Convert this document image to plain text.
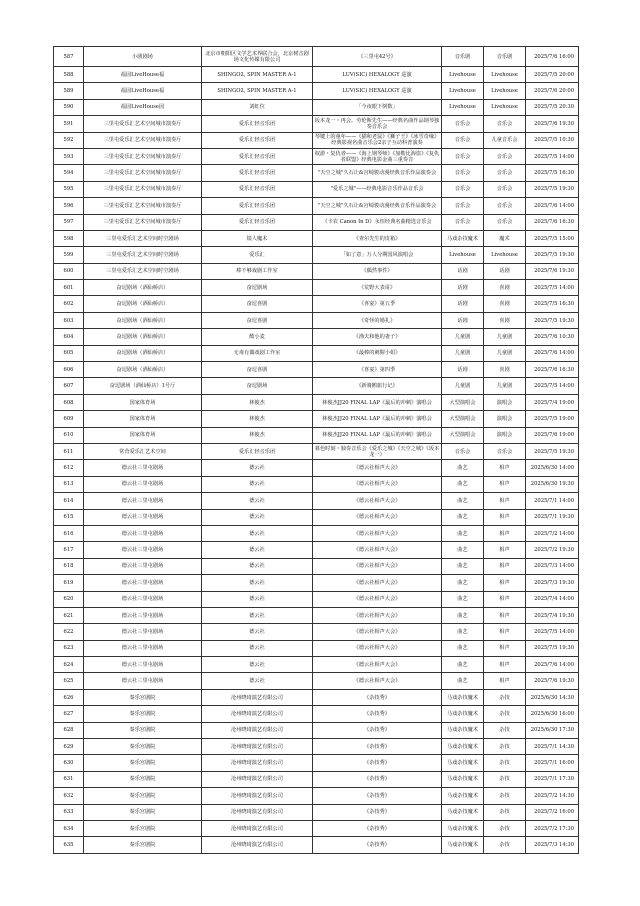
587	小剧剧场	北京市朝阳区文学艺术界联合会，北京树音剧场文化传媒有限公司	《三里屯42号》	音乐剧	音乐剧	2025/7/6 16:00
588	福园LiveHouse福	SHINGO2, SPIN MASTER A-1	LUV(SIC) HEXALOGY 巡演	Livehouse	Livehouse	2025/7/5 20:00
589	福园LiveHouse福	SHINGO2, SPIN MASTER A-1	LUV(SIC) HEXALOGY 巡演	Livehouse	Livehouse	2025/7/6 20:00
590	福园LiveHouse园	刘虹位	「今夜眼下倒数」	Livehouse	Livehouse	2025/7/5 20:30
591	三里屯爱乐汇艺术空间城市演奏厅	爱乐汇轻音乐团	坂本龙一・再会。劳伦斯先生——经典名曲作品钢琴独奏音乐会	音乐会	音乐会	2025/7/6 19:30
592	三里屯爱乐汇艺术空间城市演奏厅	爱乐汇轻音乐团	琴键上的童年——《猫和老鼠》《狮子王》《冰雪奇缘》经典影视名曲音乐会2亲子互动科普演奏	音乐会	儿童音乐会	2025/7/5 10:30
593	三里屯爱乐汇艺术空间城市演奏厅	爱乐汇轻音乐团	权游・复仇者——《海上钢琴师》《加勒比海盗》《复仇者联盟》经典电影金曲三重奏音	音乐会	音乐会	2025/7/5 14:00
594	三里屯爱乐汇艺术空间城市演奏厅	爱乐汇轻音乐团	"天空之城"久石让&宫崎骏动漫经典音乐作品演奏会	音乐会	音乐会	2025/7/5 16:30
595	三里屯爱乐汇艺术空间城市演奏厅	爱乐汇轻音乐团	"爱乐之城"——经典电影音乐作品音乐会	音乐会	音乐会	2025/7/5 19:30
596	三里屯爱乐汇艺术空间城市演奏厅	爱乐汇轻音乐团	"天空之城"久石让&宫崎骏动漫经典音乐作品演奏会	音乐会	音乐会	2025/7/6 14:00
597	三里屯爱乐汇艺术空间城市演奏厅	爱乐汇轻音乐团	《卡农 Canon In D》永恒经典名曲精选音乐会	音乐会	音乐会	2025/7/6 16:30
598	三里屯爱乐汇艺术空间时空剧场	镜人魔术	《查尔先生的皮箱》	马戏杂技魔术	魔术	2025/7/5 15:00
599	三里屯爱乐汇艺术空间时空剧场	爱乐汇	「如了意」万人分期国风演唱会	Livehouse	Livehouse	2025/7/5 19:30
600	三里屯爱乐汇艺术空间时空剧场	棒不够戏剧工作室	《偶然事件》	话剧	话剧	2025/7/6 19:30
601	奋逗剧场（酒仙桥店）	奋逗剧场	《荒野大表哥》	话剧	喜剧	2025/7/5 14:00
602	奋逗剧场（酒仙桥店）	奋逗喜剧	《喜宴》第五季	话剧	喜剧	2025/7/5 16:30
603	奋逗剧场（酒仙桥店）	奋逗喜剧	《奇怪的婚礼》	话剧	喜剧	2025/7/5 19:30
604	奋逗剧场（酒仙桥店）	酷小麦	《渔夫和他的妻子》	儿童剧	儿童剧	2025/7/6 10:30
605	奋逗剧场（酒仙桥店）	无毒有偶戏剧工作室	《最棒的刺猬小姐》	儿童剧	儿童剧	2025/7/6 14:00
606	奋逗剧场（酒仙桥店）	奋逗喜剧	《喜宴》第四季	话剧	喜剧	2025/7/6 16:30
607	奋逗剧场（酒仙桥店）1号厅	奋逗剧场	《新骑鹅旅行记》	儿童剧	儿童剧	2025/7/5 14:00
608	国家体育场	林俊杰	林俊杰JJ20 FINAL LAP《最后的冲刺》演唱会	大型演唱会	演唱会	2025/7/4 19:00
609	国家体育场	林俊杰	林俊杰JJ20 FINAL LAP《最后的冲刺》演唱会	大型演唱会	演唱会	2025/7/5 19:00
610	国家体育场	林俊杰	林俊杰JJ20 FINAL LAP《最后的冲刺》演唱会	大型演唱会	演唱会	2025/7/6 19:00
611	常营爱乐汇艺术空间	爱乐汇轻音乐团	暮色时刻・独奏音乐会《爱乐之城》《天空之城》《坂本龙一》	音乐会	音乐会	2025/7/5 19:30
612	德云社三里屯剧场	德云社	《德云社相声大会》	曲艺	相声	2025/6/30 14:00
613	德云社三里屯剧场	德云社	《德云社相声大会》	曲艺	相声	2025/6/30 19:30
614	德云社三里屯剧场	德云社	《德云社相声大会》	曲艺	相声	2025/7/1 14:00
615	德云社三里屯剧场	德云社	《德云社相声大会》	曲艺	相声	2025/7/1 19:30
616	德云社三里屯剧场	德云社	《德云社相声大会》	曲艺	相声	2025/7/2 14:00
617	德云社三里屯剧场	德云社	《德云社相声大会》	曲艺	相声	2025/7/2 19:30
618	德云社三里屯剧场	德云社	《德云社相声大会》	曲艺	相声	2025/7/3 14:00
619	德云社三里屯剧场	德云社	《德云社相声大会》	曲艺	相声	2025/7/3 19:30
620	德云社三里屯剧场	德云社	《德云社相声大会》	曲艺	相声	2025/7/4 14:00
621	德云社三里屯剧场	德云社	《德云社相声大会》	曲艺	相声	2025/7/4 19:30
622	德云社三里屯剧场	德云社	《德云社相声大会》	曲艺	相声	2025/7/5 14:00
623	德云社三里屯剧场	德云社	《德云社相声大会》	曲艺	相声	2025/7/5 19:30
624	德云社三里屯剧场	德云社	《德云社相声大会》	曲艺	相声	2025/7/6 14:00
625	德云社三里屯剧场	德云社	《德云社相声大会》	曲艺	相声	2025/7/6 19:30
626	秦乐宫剧院	沧州晓琦演艺有限公司	《杂技秀》	马戏杂技魔术	杂技	2025/6/30 14:30
627	秦乐宫剧院	沧州晓琦演艺有限公司	《杂技秀》	马戏杂技魔术	杂技	2025/6/30 16:00
628	秦乐宫剧院	沧州晓琦演艺有限公司	《杂技秀》	马戏杂技魔术	杂技	2025/6/30 17:30
629	秦乐宫剧院	沧州晓琦演艺有限公司	《杂技秀》	马戏杂技魔术	杂技	2025/7/1 14:30
630	秦乐宫剧院	沧州晓琦演艺有限公司	《杂技秀》	马戏杂技魔术	杂技	2025/7/1 16:00
631	秦乐宫剧院	沧州晓琦演艺有限公司	《杂技秀》	马戏杂技魔术	杂技	2025/7/1 17:30
632	秦乐宫剧院	沧州晓琦演艺有限公司	《杂技秀》	马戏杂技魔术	杂技	2025/7/2 14:30
633	秦乐宫剧院	沧州晓琦演艺有限公司	《杂技秀》	马戏杂技魔术	杂技	2025/7/2 16:00
634	秦乐宫剧院	沧州晓琦演艺有限公司	《杂技秀》	马戏杂技魔术	杂技	2025/7/2 17:30
635	秦乐宫剧院	沧州晓琦演艺有限公司	《杂技秀》	马戏杂技魔术	杂技	2025/7/3 14:30
